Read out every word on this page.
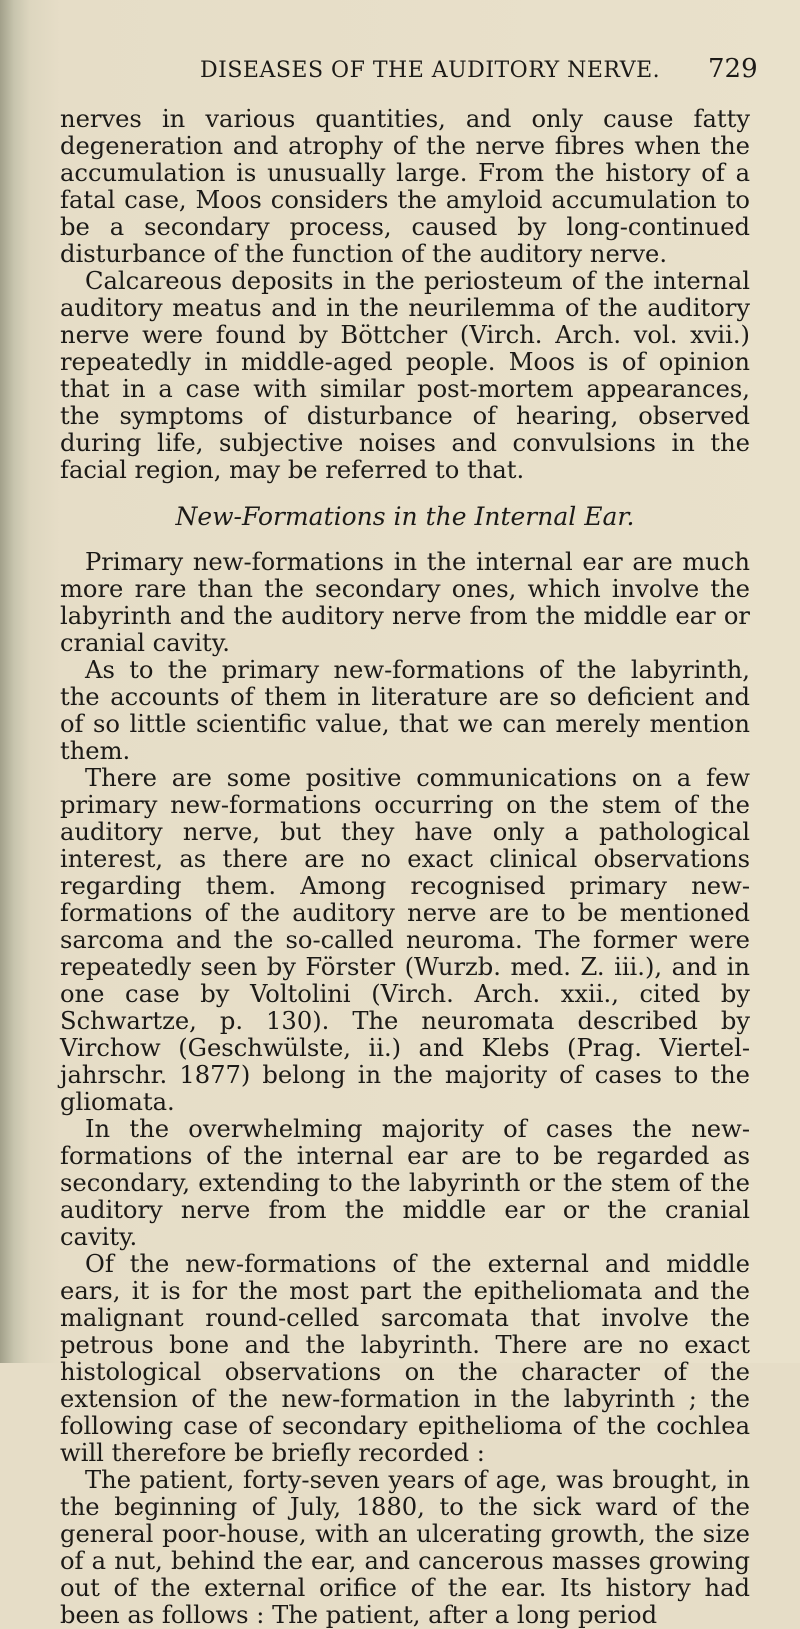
DISEASES OF THE AUDITORY NERVE. 729

nerves in various quantities, and only cause fatty degeneration and atrophy of the nerve fibres when the accumulation is unusually large. From the history of a fatal case, Moos considers the amyloid accumulation to be a secondary process, caused by long-continued disturbance of the function of the auditory nerve.

Calcareous deposits in the periosteum of the internal auditory meatus and in the neurilemma of the auditory nerve were found by Böttcher (Virch. Arch. vol. xvii.) repeatedly in middle-aged people. Moos is of opinion that in a case with similar post-mortem appearances, the symptoms of disturbance of hearing, observed during life, subjective noises and convulsions in the facial region, may be referred to that.

New-Formations in the Internal Ear.

Primary new-formations in the internal ear are much more rare than the secondary ones, which involve the labyrinth and the auditory nerve from the middle ear or cranial cavity.

As to the primary new-formations of the labyrinth, the accounts of them in literature are so deficient and of so little scientific value, that we can merely mention them.

There are some positive communications on a few primary new-formations occurring on the stem of the auditory nerve, but they have only a pathological interest, as there are no exact clinical observations regarding them. Among recognised primary new-formations of the auditory nerve are to be mentioned sarcoma and the so-called neuroma. The former were repeatedly seen by Förster (Wurzb. med. Z. iii.), and in one case by Voltolini (Virch. Arch. xxii., cited by Schwartze, p. 130). The neuromata described by Virchow (Geschwülste, ii.) and Klebs (Prag. Viertel-jahrschr. 1877) belong in the majority of cases to the gliomata.

In the overwhelming majority of cases the new-formations of the internal ear are to be regarded as secondary, extending to the labyrinth or the stem of the auditory nerve from the middle ear or the cranial cavity.

Of the new-formations of the external and middle ears, it is for the most part the epitheliomata and the malignant round-celled sarcomata that involve the petrous bone and the labyrinth. There are no exact histological observations on the character of the extension of the new-formation in the labyrinth ; the following case of secondary epithelioma of the cochlea will therefore be briefly recorded :

The patient, forty-seven years of age, was brought, in the beginning of July, 1880, to the sick ward of the general poor-house, with an ulcerating growth, the size of a nut, behind the ear, and cancerous masses growing out of the external orifice of the ear. Its history had been as follows : The patient, after a long period
